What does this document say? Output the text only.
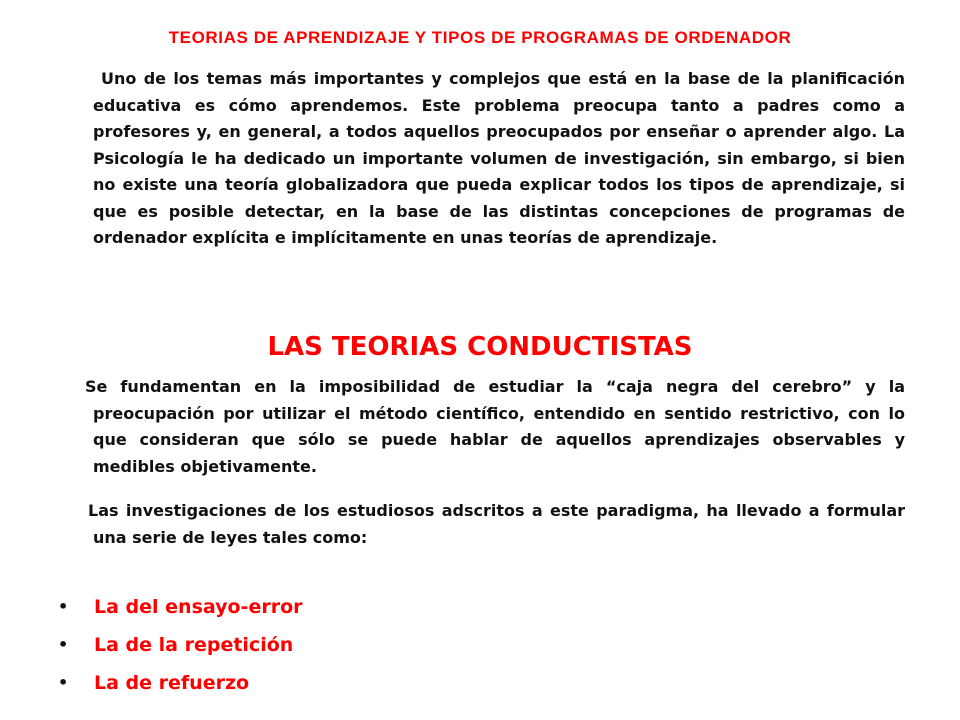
TEORIAS DE APRENDIZAJE Y TIPOS DE PROGRAMAS DE ORDENADOR

Uno de los temas más importantes y complejos que está en la base de la planificación educativa es cómo aprendemos. Este problema preocupa tanto a padres como a profesores y, en general, a todos aquellos preocupados por enseñar o aprender algo. La Psicología le ha dedicado un importante volumen de investigación, sin embargo, si bien no existe una teoría globalizadora que pueda explicar todos los tipos de aprendizaje, si que es posible detectar, en la base de las distintas concepciones de programas de ordenador explícita e implícitamente en unas teorías de aprendizaje.

LAS TEORIAS CONDUCTISTAS

Se fundamentan en la imposibilidad de estudiar la “caja negra del cerebro” y la preocupación por utilizar el método científico, entendido en sentido restrictivo, con lo que consideran que sólo se puede hablar de aquellos aprendizajes observables y medibles objetivamente.

Las investigaciones de los estudiosos adscritos a este paradigma, ha llevado a formular una serie de leyes tales como:

• La del ensayo-error
• La de la repetición
• La de refuerzo
